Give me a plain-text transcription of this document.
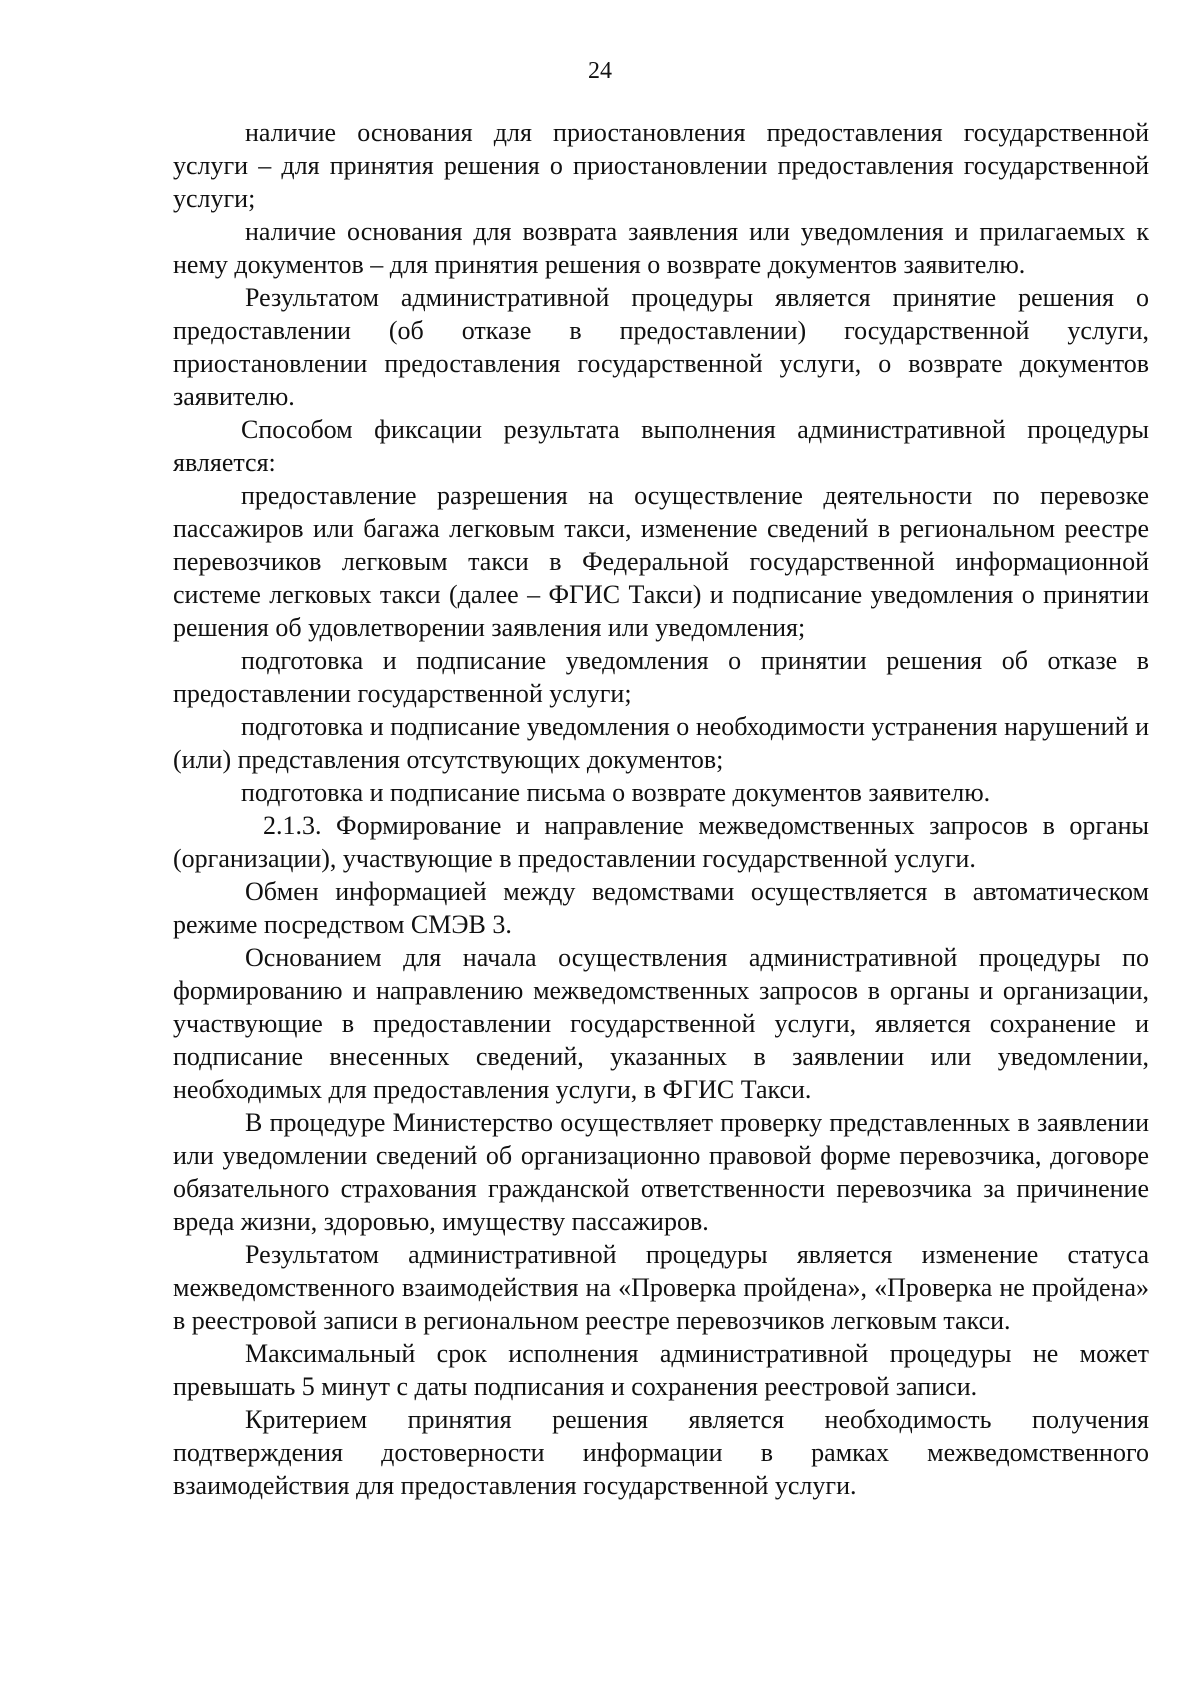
24

наличие основания для приостановления предоставления государственной услуги – для принятия решения о приостановлении предоставления государственной услуги;

наличие основания для возврата заявления или уведомления и прилагаемых к нему документов – для принятия решения о возврате документов заявителю.

Результатом административной процедуры является принятие решения о предоставлении (об отказе в предоставлении) государственной услуги, приостановлении предоставления государственной услуги, о возврате документов заявителю.

Способом фиксации результата выполнения административной процедуры является:

предоставление разрешения на осуществление деятельности по перевозке пассажиров или багажа легковым такси, изменение сведений в региональном реестре перевозчиков легковым такси в Федеральной государственной информационной системе легковых такси (далее – ФГИС Такси) и подписание уведомления о принятии решения об удовлетворении заявления или уведомления;

подготовка и подписание уведомления о принятии решения об отказе в предоставлении государственной услуги;

подготовка и подписание уведомления о необходимости устранения нарушений и (или) представления отсутствующих документов;

подготовка и подписание письма о возврате документов заявителю.

2.1.3. Формирование и направление межведомственных запросов в органы (организации), участвующие в предоставлении государственной услуги.

Обмен информацией между ведомствами осуществляется в автоматическом режиме посредством СМЭВ 3.

Основанием для начала осуществления административной процедуры по формированию и направлению межведомственных запросов в органы и организации, участвующие в предоставлении государственной услуги, является сохранение и подписание внесенных сведений, указанных в заявлении или уведомлении, необходимых для предоставления услуги, в ФГИС Такси.

В процедуре Министерство осуществляет проверку представленных в заявлении или уведомлении сведений об организационно правовой форме перевозчика, договоре обязательного страхования гражданской ответственности перевозчика за причинение вреда жизни, здоровью, имуществу пассажиров.

Результатом административной процедуры является изменение статуса межведомственного взаимодействия на «Проверка пройдена», «Проверка не пройдена» в реестровой записи в региональном реестре перевозчиков легковым такси.

Максимальный срок исполнения административной процедуры не может превышать 5 минут с даты подписания и сохранения реестровой записи.

Критерием принятия решения является необходимость получения подтверждения достоверности информации в рамках межведомственного взаимодействия для предоставления государственной услуги.
